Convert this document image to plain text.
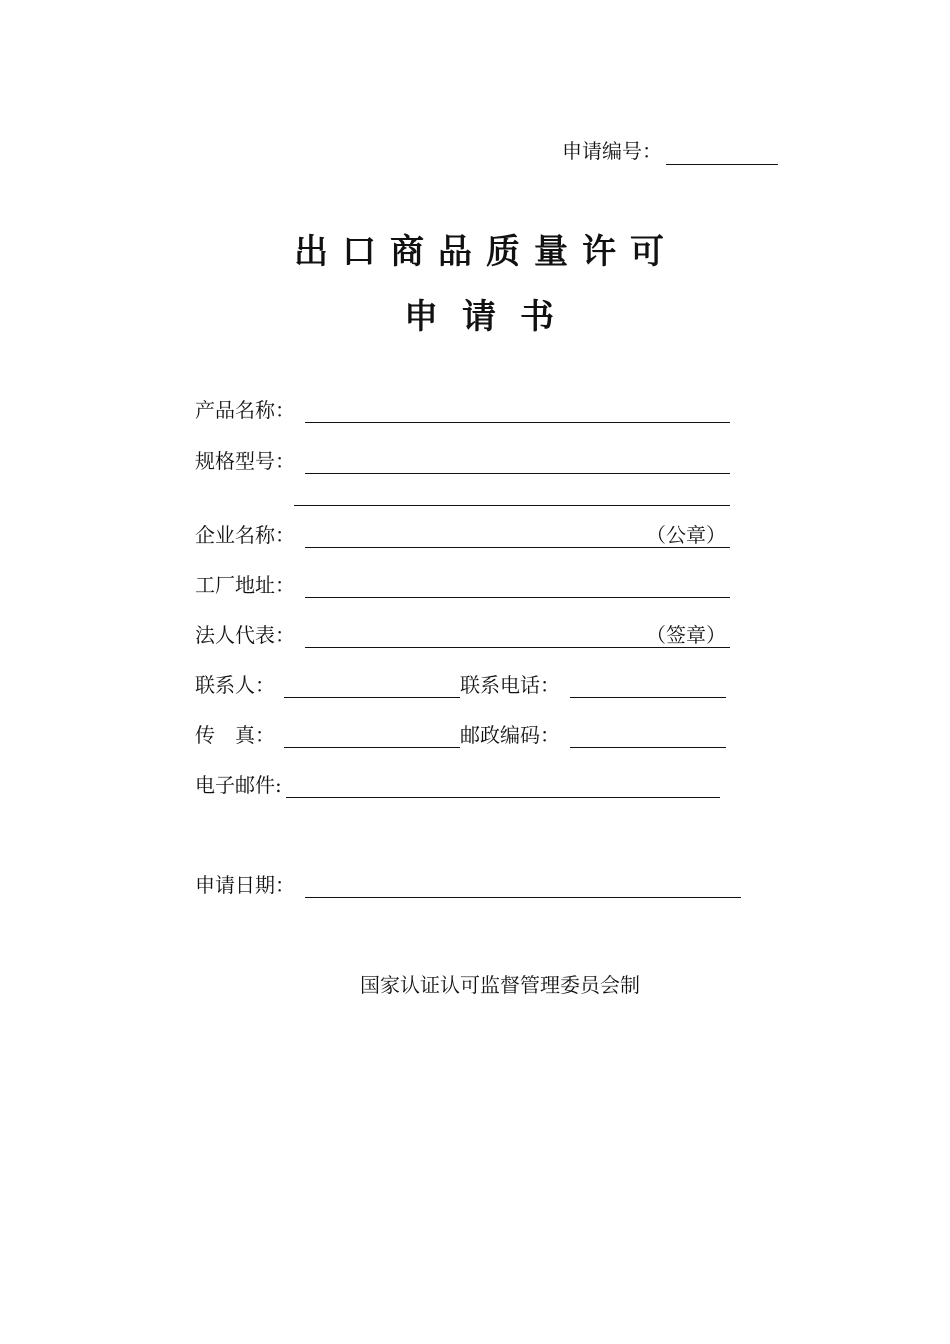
申请编号：
出口商品质量许可
申请书
产品名称：
规格型号：
企业名称：	（公章）
工厂地址：
法人代表：	（签章）
联系人：	联系电话：
传　真：	邮政编码：
电子邮件:
申请日期：
国家认证认可监督管理委员会制
